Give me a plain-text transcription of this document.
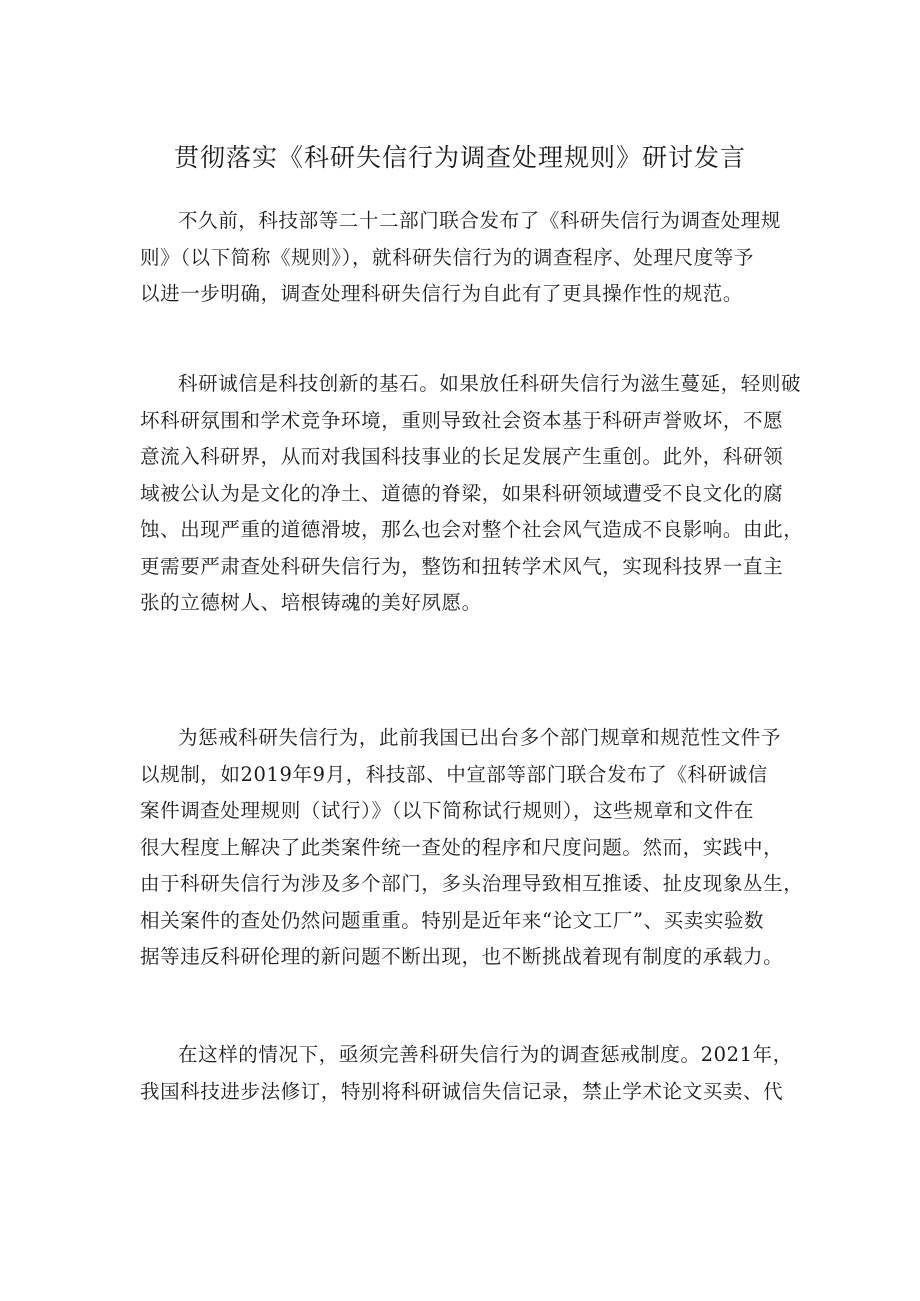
贯彻落实《科研失信行为调查处理规则》研讨发言

不久前，科技部等二十二部门联合发布了《科研失信行为调查处理规
则》（以下简称《规则》），就科研失信行为的调查程序、处理尺度等予
以进一步明确，调查处理科研失信行为自此有了更具操作性的规范。

科研诚信是科技创新的基石。如果放任科研失信行为滋生蔓延，轻则破
坏科研氛围和学术竞争环境，重则导致社会资本基于科研声誉败坏，不愿
意流入科研界，从而对我国科技事业的长足发展产生重创。此外，科研领
域被公认为是文化的净土、道德的脊梁，如果科研领域遭受不良文化的腐
蚀、出现严重的道德滑坡，那么也会对整个社会风气造成不良影响。由此，
更需要严肃查处科研失信行为，整饬和扭转学术风气，实现科技界一直主
张的立德树人、培根铸魂的美好夙愿。

为惩戒科研失信行为，此前我国已出台多个部门规章和规范性文件予
以规制，如2019年9月，科技部、中宣部等部门联合发布了《科研诚信
案件调查处理规则（试行）》（以下简称试行规则），这些规章和文件在
很大程度上解决了此类案件统一查处的程序和尺度问题。然而，实践中，
由于科研失信行为涉及多个部门，多头治理导致相互推诿、扯皮现象丛生，
相关案件的查处仍然问题重重。特别是近年来“论文工厂”、买卖实验数
据等违反科研伦理的新问题不断出现，也不断挑战着现有制度的承载力。

在这样的情况下，亟须完善科研失信行为的调查惩戒制度。2021年，
我国科技进步法修订，特别将科研诚信失信记录，禁止学术论文买卖、代
